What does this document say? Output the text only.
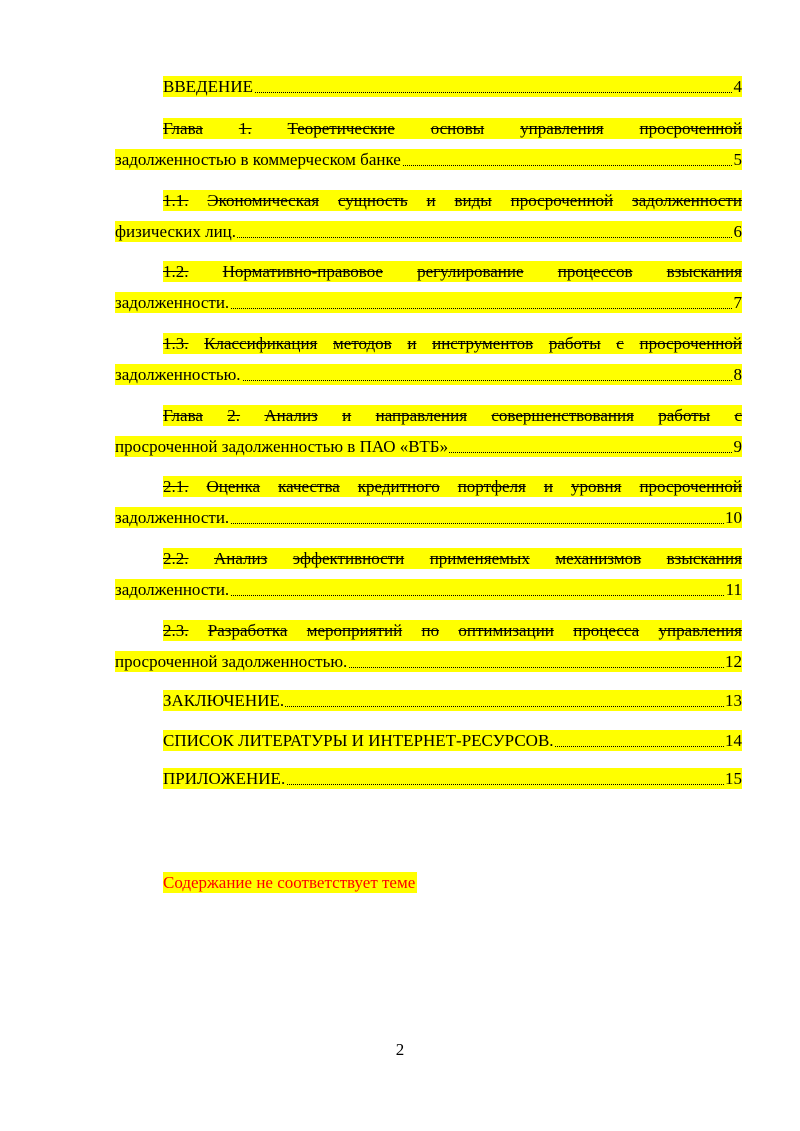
ВВЕДЕНИЕ	4
Глава 1. Теоретические основы управления просроченной
задолженностью в коммерческом банке	5
1.1. Экономическая сущность и виды просроченной задолженности
физических лиц.	6
1.2. Нормативно-правовое регулирование процессов взыскания
задолженности.	7
1.3. Классификация методов и инструментов работы с просроченной
задолженностью.	8
Глава 2. Анализ и направления совершенствования работы с
просроченной задолженностью в ПАО «ВТБ»	9
2.1. Оценка качества кредитного портфеля и уровня просроченной
задолженности.	10
2.2. Анализ эффективности применяемых механизмов взыскания
задолженности.	11
2.3. Разработка мероприятий по оптимизации процесса управления
просроченной задолженностью.	12
ЗАКЛЮЧЕНИЕ.	13
СПИСОК ЛИТЕРАТУРЫ И ИНТЕРНЕТ-РЕСУРСОВ.	14
ПРИЛОЖЕНИЕ.	15
Содержание не соответствует теме
2
